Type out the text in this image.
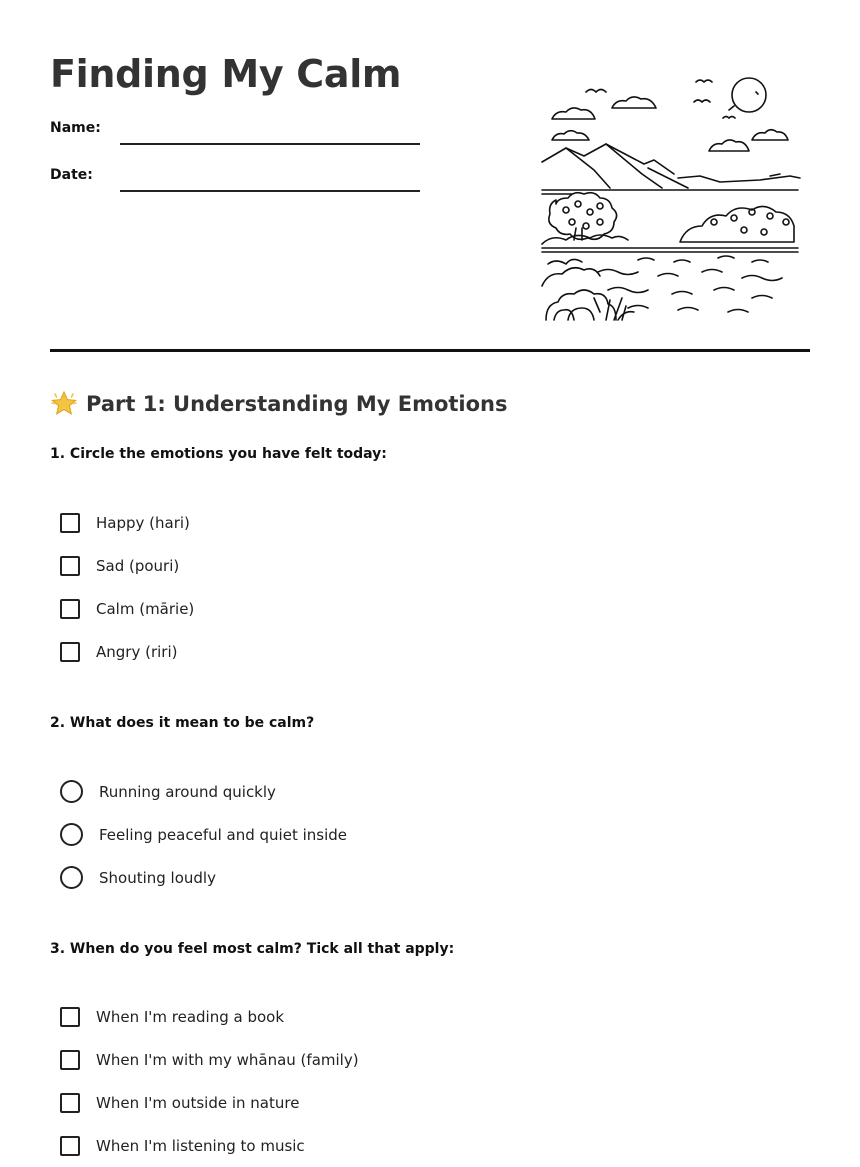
Finding My Calm
Name:
Date:
Part 1: Understanding My Emotions

1. Circle the emotions you have felt today:

Happy (hari)
Sad (pouri)
Calm (mārie)
Angry (riri)

2. What does it mean to be calm?

Running around quickly
Feeling peaceful and quiet inside
Shouting loudly

3. When do you feel most calm? Tick all that apply:

When I'm reading a book
When I'm with my whānau (family)
When I'm outside in nature
When I'm listening to music
